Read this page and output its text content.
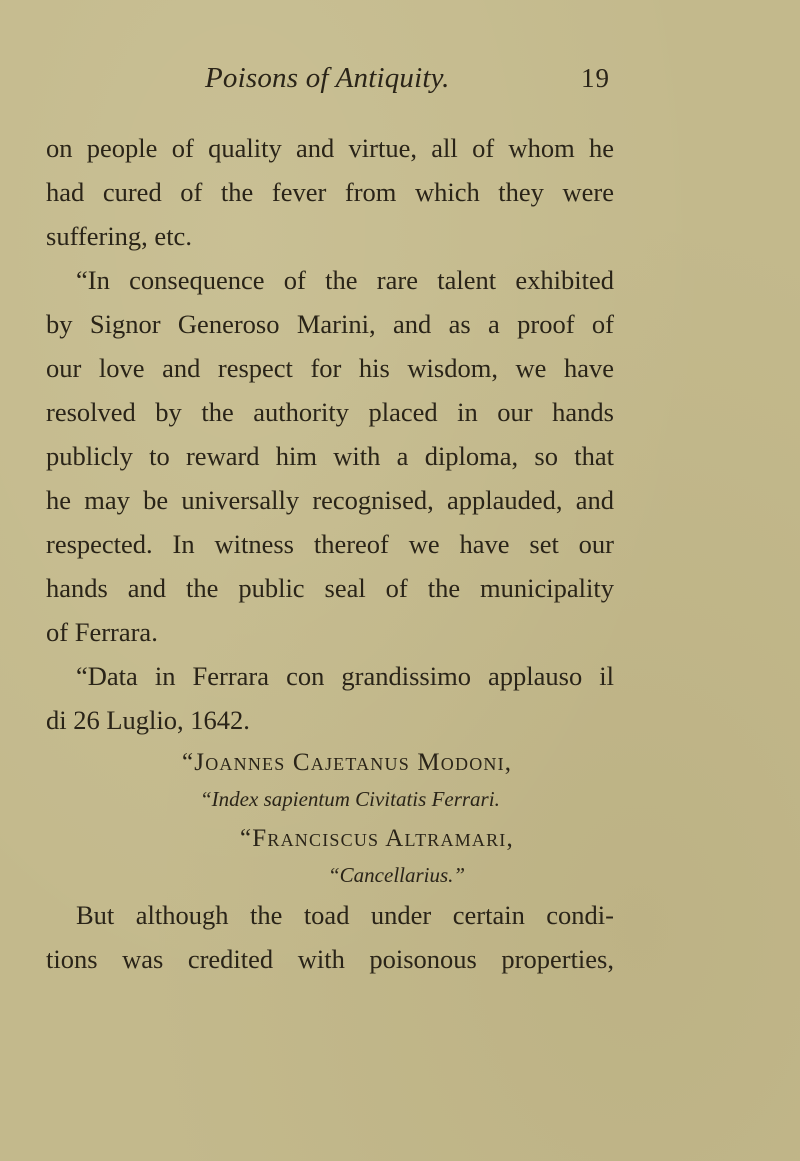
Poisons of Antiquity.	19
on people of quality and virtue, all of whom he
had cured of the fever from which they were
suffering, etc.
“In consequence of the rare talent exhibited
by Signor Generoso Marini, and as a proof of
our love and respect for his wisdom, we have
resolved by the authority placed in our hands
publicly to reward him with a diploma, so that
he may be universally recognised, applauded, and
respected. In witness thereof we have set our
hands and the public seal of the municipality
of Ferrara.
“Data in Ferrara con grandissimo applauso il
di 26 Luglio, 1642.
“Joannes Cajetanus Modoni,
“Index sapientum Civitatis Ferrari.
“Franciscus Altramari,
“Cancellarius.”
But although the toad under certain condi-
tions was credited with poisonous properties,
